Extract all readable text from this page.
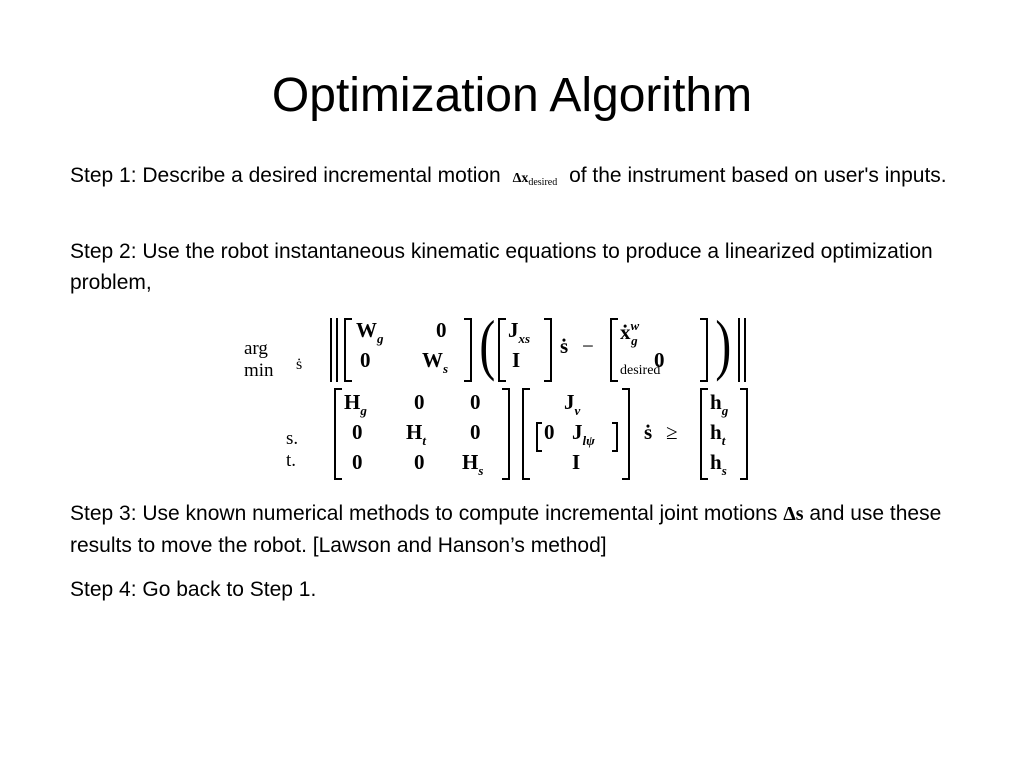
Optimization Algorithm
Step 1: Describe a desired incremental motion Δxdesired of the instrument based on user's inputs.
Step 2: Use the robot instantaneous kinematic equations to produce a linearized optimization problem,
arg min ṡ
$W_g$	0
0 $W_s$ ( $J_{xs}$
I
ṡ −
ẋ$^w_g$ $_{desired}$
0 )
s. t.
$H_g$ 0 0
0 $H_t$ 0
0 0 $H_s$
$J_v$
0 $J_{l\psi}$
I
ṡ ≥
$h_g$
$h_t$
$h_s$
Step 3: Use known numerical methods to compute incremental joint motions Δs and use these results to move the robot. [Lawson and Hanson’s method]
Step 4: Go back to Step 1.
